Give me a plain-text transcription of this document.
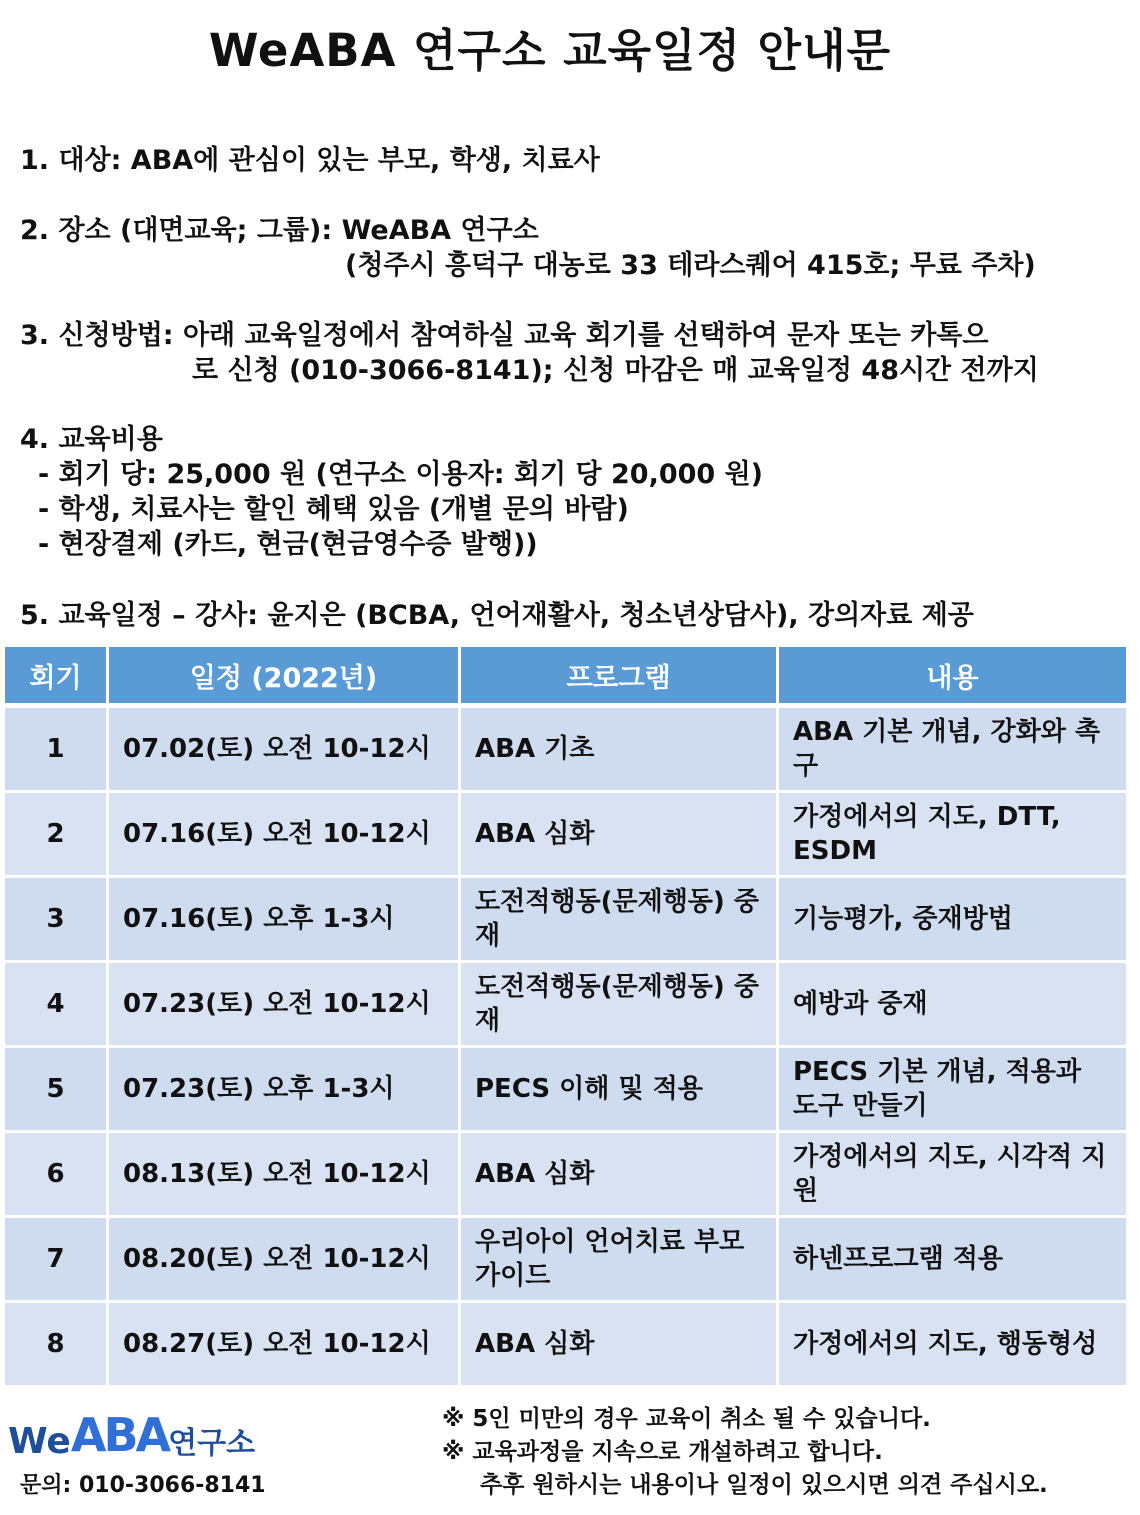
WeABA 연구소 교육일정 안내문
1. 대상: ABA에 관심이 있는 부모, 학생, 치료사
2. 장소 (대면교육; 그룹): WeABA 연구소
(청주시 흥덕구 대농로 33 테라스퀘어 415호; 무료 주차)
3. 신청방법: 아래 교육일정에서 참여하실 교육 회기를 선택하여 문자 또는 카톡으
로 신청 (010-3066-8141); 신청 마감은 매 교육일정 48시간 전까지
4. 교육비용
- 회기 당: 25,000 원 (연구소 이용자: 회기 당 20,000 원)
- 학생, 치료사는 할인 혜택 있음 (개별 문의 바람)
- 현장결제 (카드, 현금(현금영수증 발행))
5. 교육일정 – 강사: 윤지은 (BCBA, 언어재활사, 청소년상담사), 강의자료 제공
회기	일정 (2022년)	프로그램	내용
1	07.02(토) 오전 10-12시	ABA 기초	ABA 기본 개념, 강화와 촉구
2	07.16(토) 오전 10-12시	ABA 심화	가정에서의 지도, DTT, ESDM
3	07.16(토) 오후 1-3시	도전적행동(문제행동) 중재	기능평가, 중재방법
4	07.23(토) 오전 10-12시	도전적행동(문제행동) 중재	예방과 중재
5	07.23(토) 오후 1-3시	PECS 이해 및 적용	PECS 기본 개념, 적용과 도구 만들기
6	08.13(토) 오전 10-12시	ABA 심화	가정에서의 지도, 시각적 지원
7	08.20(토) 오전 10-12시	우리아이 언어치료 부모 가이드	하넨프로그램 적용
8	08.27(토) 오전 10-12시	ABA 심화	가정에서의 지도, 행동형성
WeABA연구소
문의: 010-3066-8141
※ 5인 미만의 경우 교육이 취소 될 수 있습니다.
※ 교육과정을 지속으로 개설하려고 합니다.
추후 원하시는 내용이나 일정이 있으시면 의견 주십시오.
